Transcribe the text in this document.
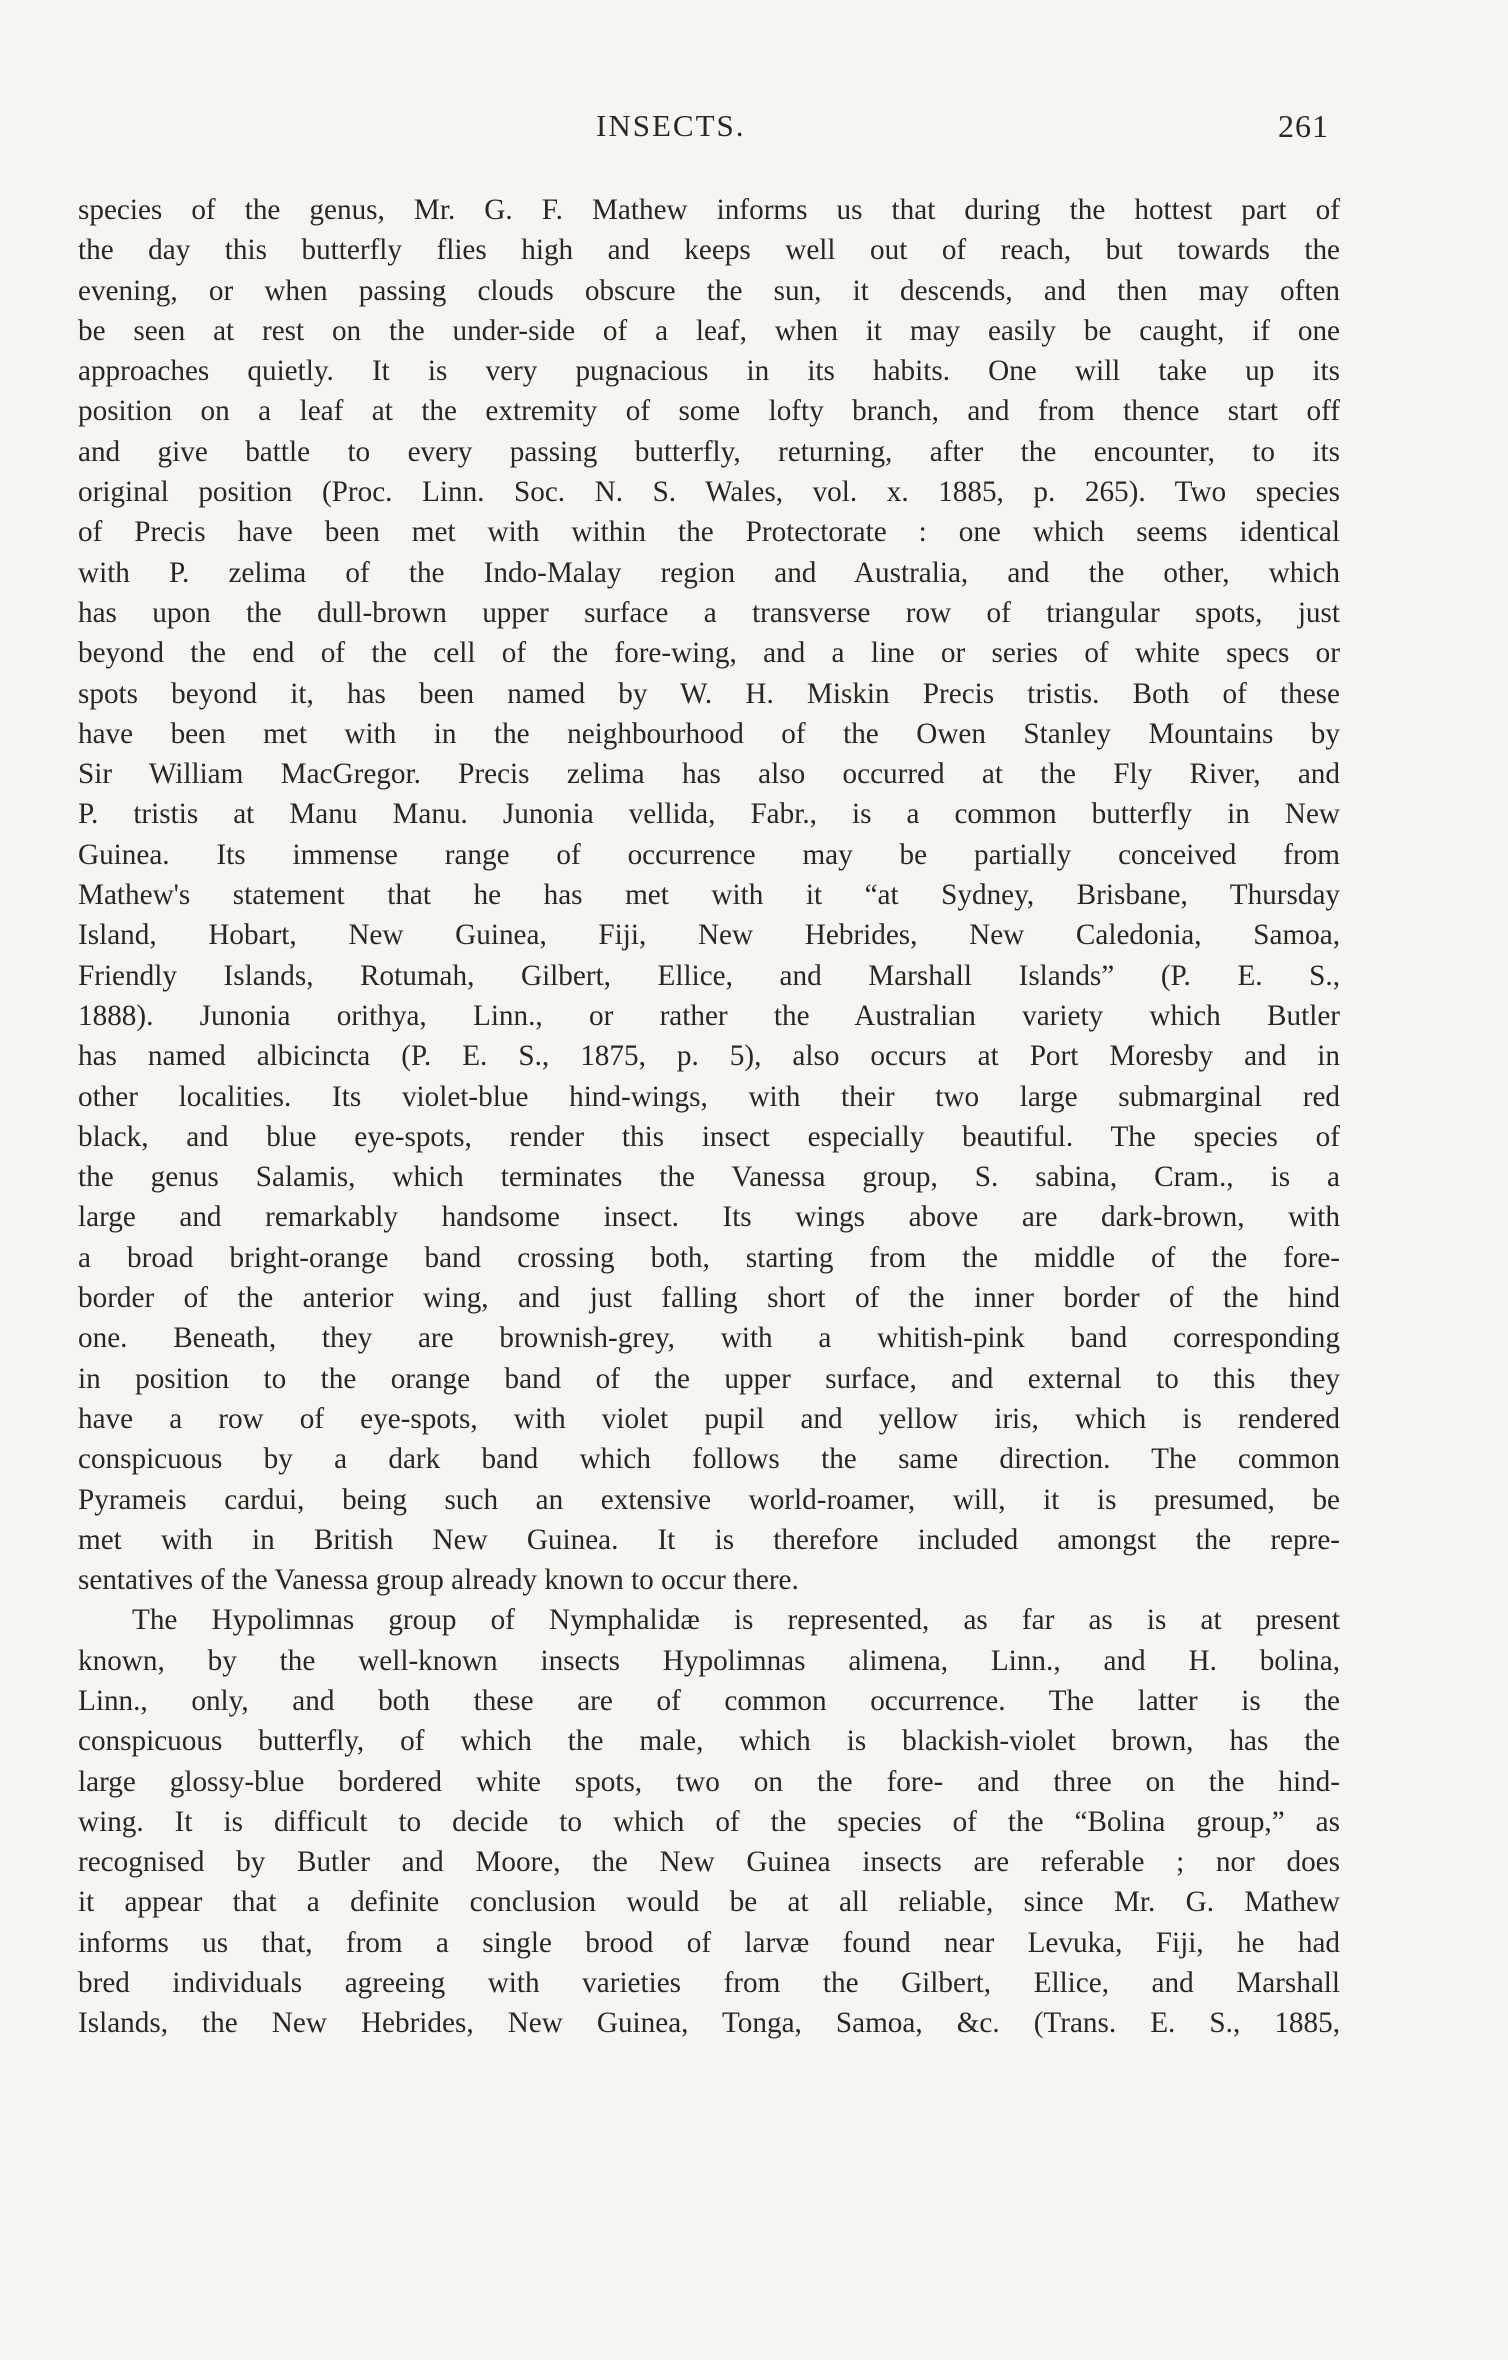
INSECTS.	261
species of the genus, Mr. G. F. Mathew informs us that during the hottest part of
the day this butterfly flies high and keeps well out of reach, but towards the
evening, or when passing clouds obscure the sun, it descends, and then may often
be seen at rest on the under-side of a leaf, when it may easily be caught, if one
approaches quietly. It is very pugnacious in its habits. One will take up its
position on a leaf at the extremity of some lofty branch, and from thence start off
and give battle to every passing butterfly, returning, after the encounter, to its
original position (Proc. Linn. Soc. N. S. Wales, vol. x. 1885, p. 265). Two species
of Precis have been met with within the Protectorate : one which seems identical
with P. zelima of the Indo-Malay region and Australia, and the other, which
has upon the dull-brown upper surface a transverse row of triangular spots, just
beyond the end of the cell of the fore-wing, and a line or series of white specs or
spots beyond it, has been named by W. H. Miskin Precis tristis. Both of these
have been met with in the neighbourhood of the Owen Stanley Mountains by
Sir William MacGregor. Precis zelima has also occurred at the Fly River, and
P. tristis at Manu Manu. Junonia vellida, Fabr., is a common butterfly in New
Guinea. Its immense range of occurrence may be partially conceived from
Mathew's statement that he has met with it “at Sydney, Brisbane, Thursday
Island, Hobart, New Guinea, Fiji, New Hebrides, New Caledonia, Samoa,
Friendly Islands, Rotumah, Gilbert, Ellice, and Marshall Islands” (P. E. S.,
1888). Junonia orithya, Linn., or rather the Australian variety which Butler
has named albicincta (P. E. S., 1875, p. 5), also occurs at Port Moresby and in
other localities. Its violet-blue hind-wings, with their two large submarginal red
black, and blue eye-spots, render this insect especially beautiful. The species of
the genus Salamis, which terminates the Vanessa group, S. sabina, Cram., is a
large and remarkably handsome insect. Its wings above are dark-brown, with
a broad bright-orange band crossing both, starting from the middle of the fore-
border of the anterior wing, and just falling short of the inner border of the hind
one. Beneath, they are brownish-grey, with a whitish-pink band corresponding
in position to the orange band of the upper surface, and external to this they
have a row of eye-spots, with violet pupil and yellow iris, which is rendered
conspicuous by a dark band which follows the same direction. The common
Pyrameis cardui, being such an extensive world-roamer, will, it is presumed, be
met with in British New Guinea. It is therefore included amongst the repre-
sentatives of the Vanessa group already known to occur there.
The Hypolimnas group of Nymphalidæ is represented, as far as is at present
known, by the well-known insects Hypolimnas alimena, Linn., and H. bolina,
Linn., only, and both these are of common occurrence. The latter is the
conspicuous butterfly, of which the male, which is blackish-violet brown, has the
large glossy-blue bordered white spots, two on the fore- and three on the hind-
wing. It is difficult to decide to which of the species of the “Bolina group,” as
recognised by Butler and Moore, the New Guinea insects are referable ; nor does
it appear that a definite conclusion would be at all reliable, since Mr. G. Mathew
informs us that, from a single brood of larvæ found near Levuka, Fiji, he had
bred individuals agreeing with varieties from the Gilbert, Ellice, and Marshall
Islands, the New Hebrides, New Guinea, Tonga, Samoa, &c. (Trans. E. S., 1885,
